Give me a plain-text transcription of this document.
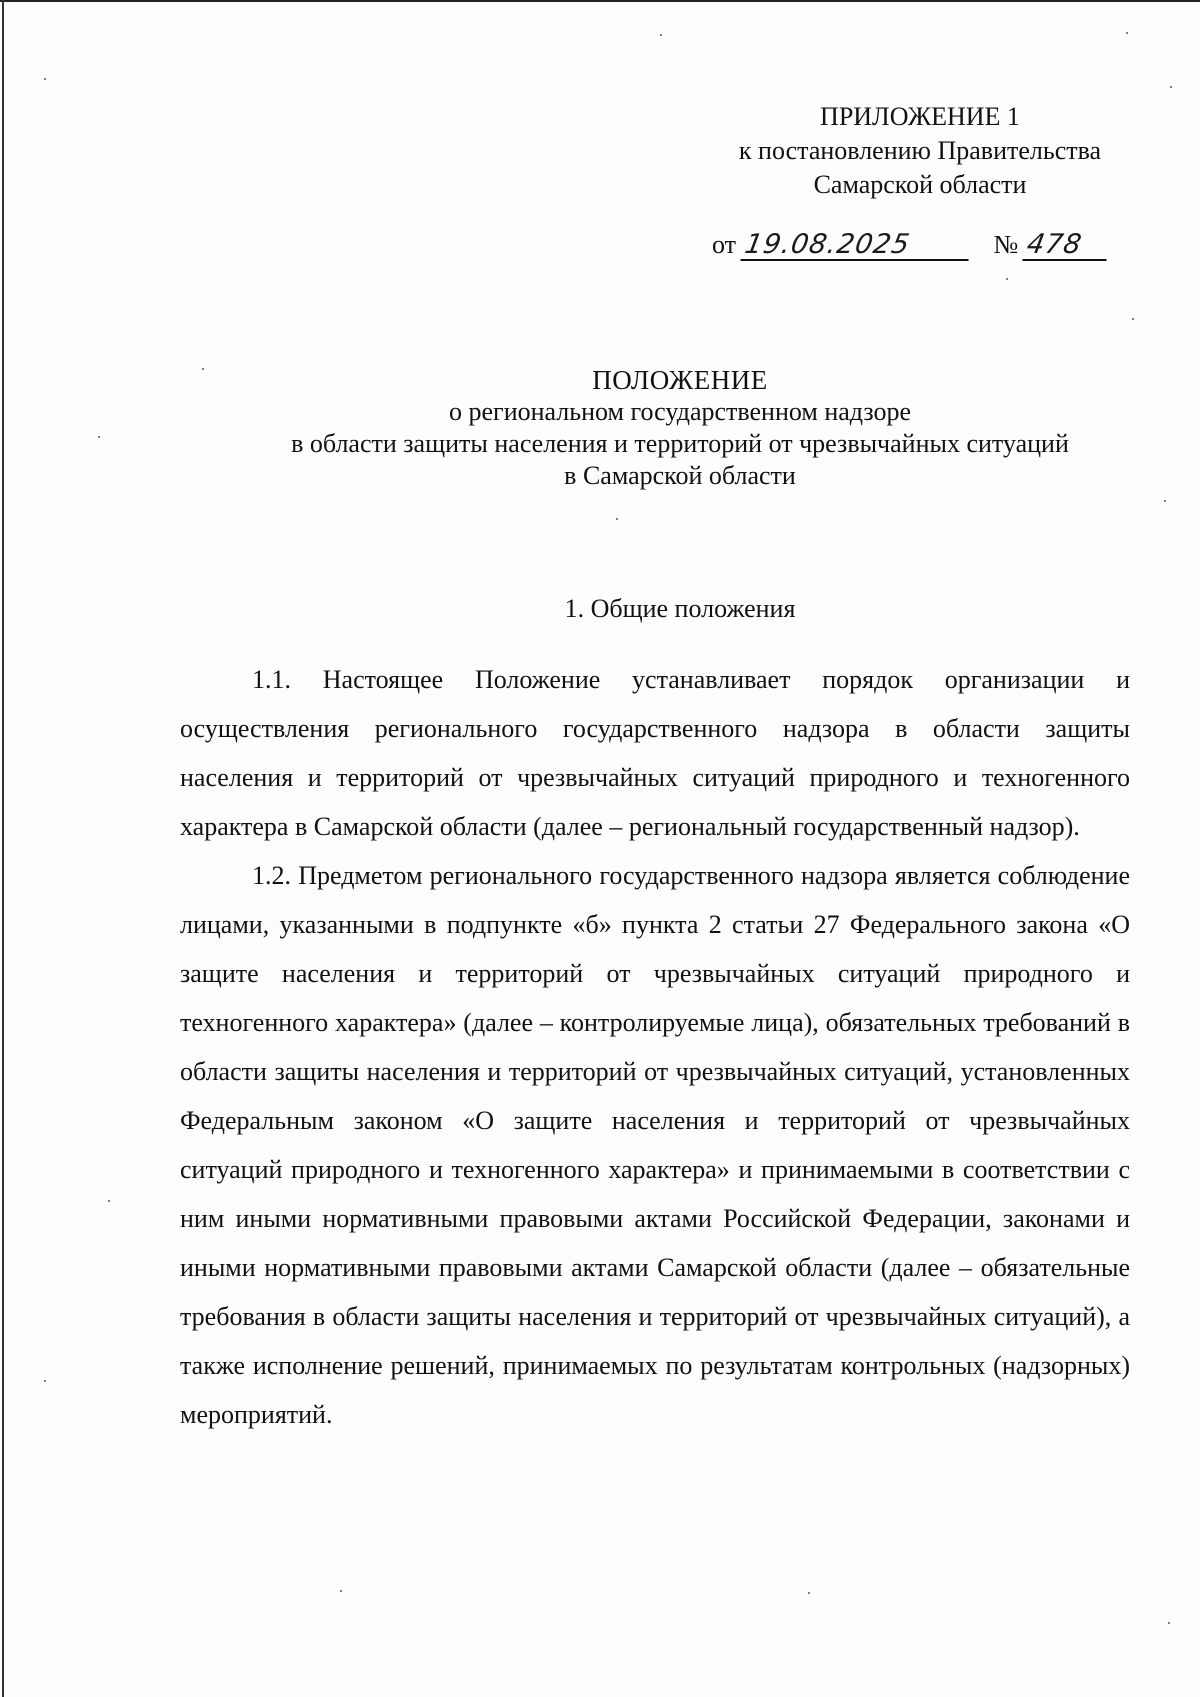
ПРИЛОЖЕНИЕ 1
к постановлению Правительства
Самарской области
от 19.08.2025	№ 478
ПОЛОЖЕНИЕ
о региональном государственном надзоре
в области защиты населения и территорий от чрезвычайных ситуаций
в Самарской области
1. Общие положения

1.1. Настоящее Положение устанавливает порядок организации и осуществления регионального государственного надзора в области защиты населения и территорий от чрезвычайных ситуаций природного и техногенного характера в Самарской области (далее – региональный государственный надзор).

1.2. Предметом регионального государственного надзора является соблюдение лицами, указанными в подпункте «б» пункта 2 статьи 27 Федерального закона «О защите населения и территорий от чрезвычайных ситуаций природного и техногенного характера» (далее – контролируемые лица), обязательных требований в области защиты населения и территорий от чрезвычайных ситуаций, установленных Федеральным законом «О защите населения и территорий от чрезвычайных ситуаций природного и техногенного характера» и принимаемыми в соответствии с ним иными нормативными правовыми актами Российской Федерации, законами и иными нормативными правовыми актами Самарской области (далее – обязательные требования в области защиты населения и территорий от чрезвычайных ситуаций), а также исполнение решений, принимаемых по результатам контрольных (надзорных) мероприятий.
